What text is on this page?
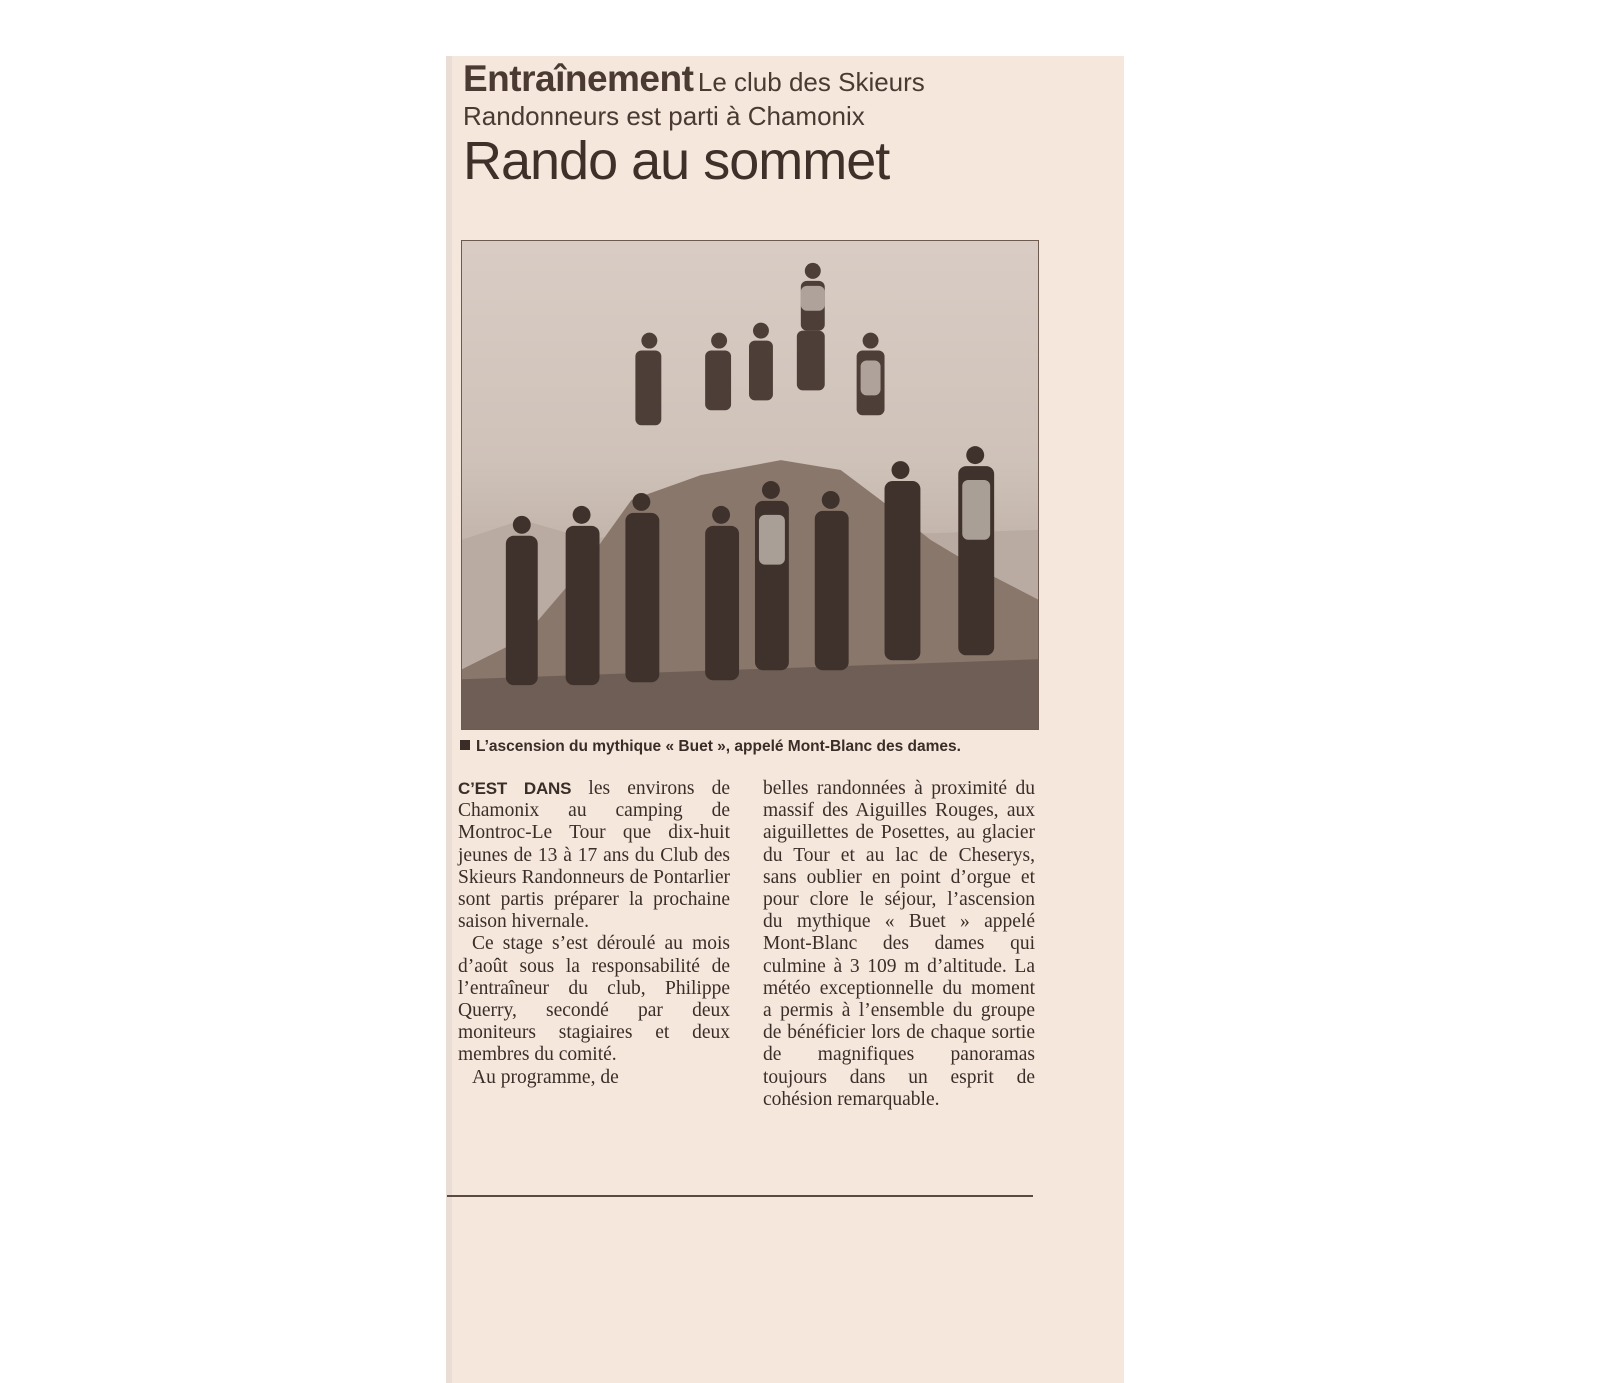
Entraînement Le club des Skieurs Randonneurs est parti à Chamonix
Rando au sommet
L’ascension du mythique « Buet », appelé Mont-Blanc des dames.

C’EST DANS les environs de Chamonix au camping de Montroc-Le Tour que dix-huit jeunes de 13 à 17 ans du Club des Skieurs Randonneurs de Pontarlier sont partis préparer la prochaine saison hivernale.

Ce stage s’est déroulé au mois d’août sous la responsabilité de l’entraîneur du club, Philippe Querry, secondé par deux moniteurs stagiaires et deux membres du comité.

Au programme, de

belles randonnées à proximité du massif des Aiguilles Rouges, aux aiguillettes de Posettes, au glacier du Tour et au lac de Cheserys, sans oublier en point d’orgue et pour clore le séjour, l’ascension du mythique « Buet » appelé Mont-Blanc des dames qui culmine à 3 109 m d’altitude. La météo exceptionnelle du moment a permis à l’ensemble du groupe de bénéficier lors de chaque sortie de magnifiques panoramas toujours dans un esprit de cohésion remarquable.
